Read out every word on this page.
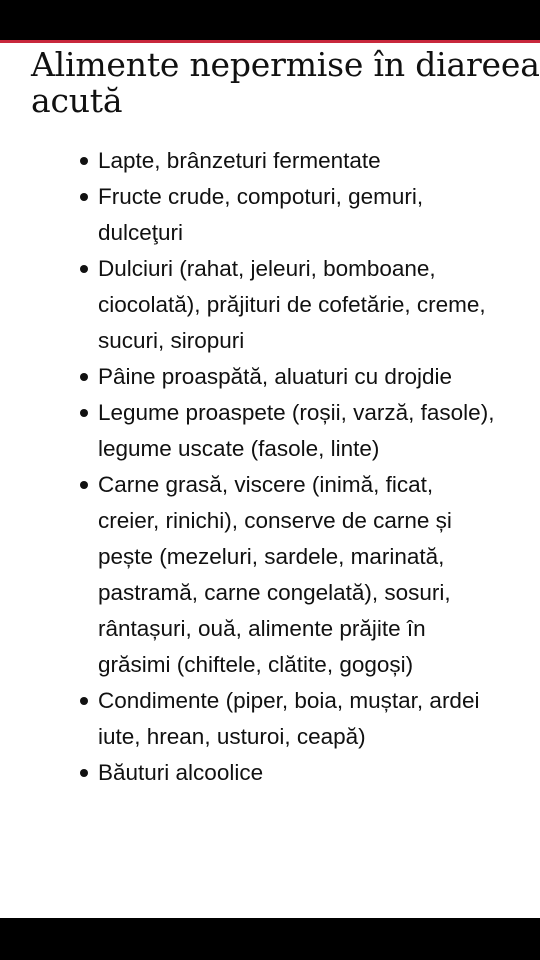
Alimente nepermise în diareea acută
Lapte, brânzeturi fermentate
Fructe crude, compoturi, gemuri, dulceţuri
Dulciuri (rahat, jeleuri, bomboane, ciocolată), prăjituri de cofetărie, creme, sucuri, siropuri
Pâine proaspătă, aluaturi cu drojdie
Legume proaspete (roșii, varză, fasole), legume uscate (fasole, linte)
Carne grasă, viscere (inimă, ficat, creier, rinichi), conserve de carne și pește (mezeluri, sardele, marinată, pastramă, carne congelată), sosuri, rântașuri, ouă, alimente prăjite în grăsimi (chiftele, clătite, gogoși)
Condimente (piper, boia, muștar, ardei iute, hrean, usturoi, ceapă)
Băuturi alcoolice
